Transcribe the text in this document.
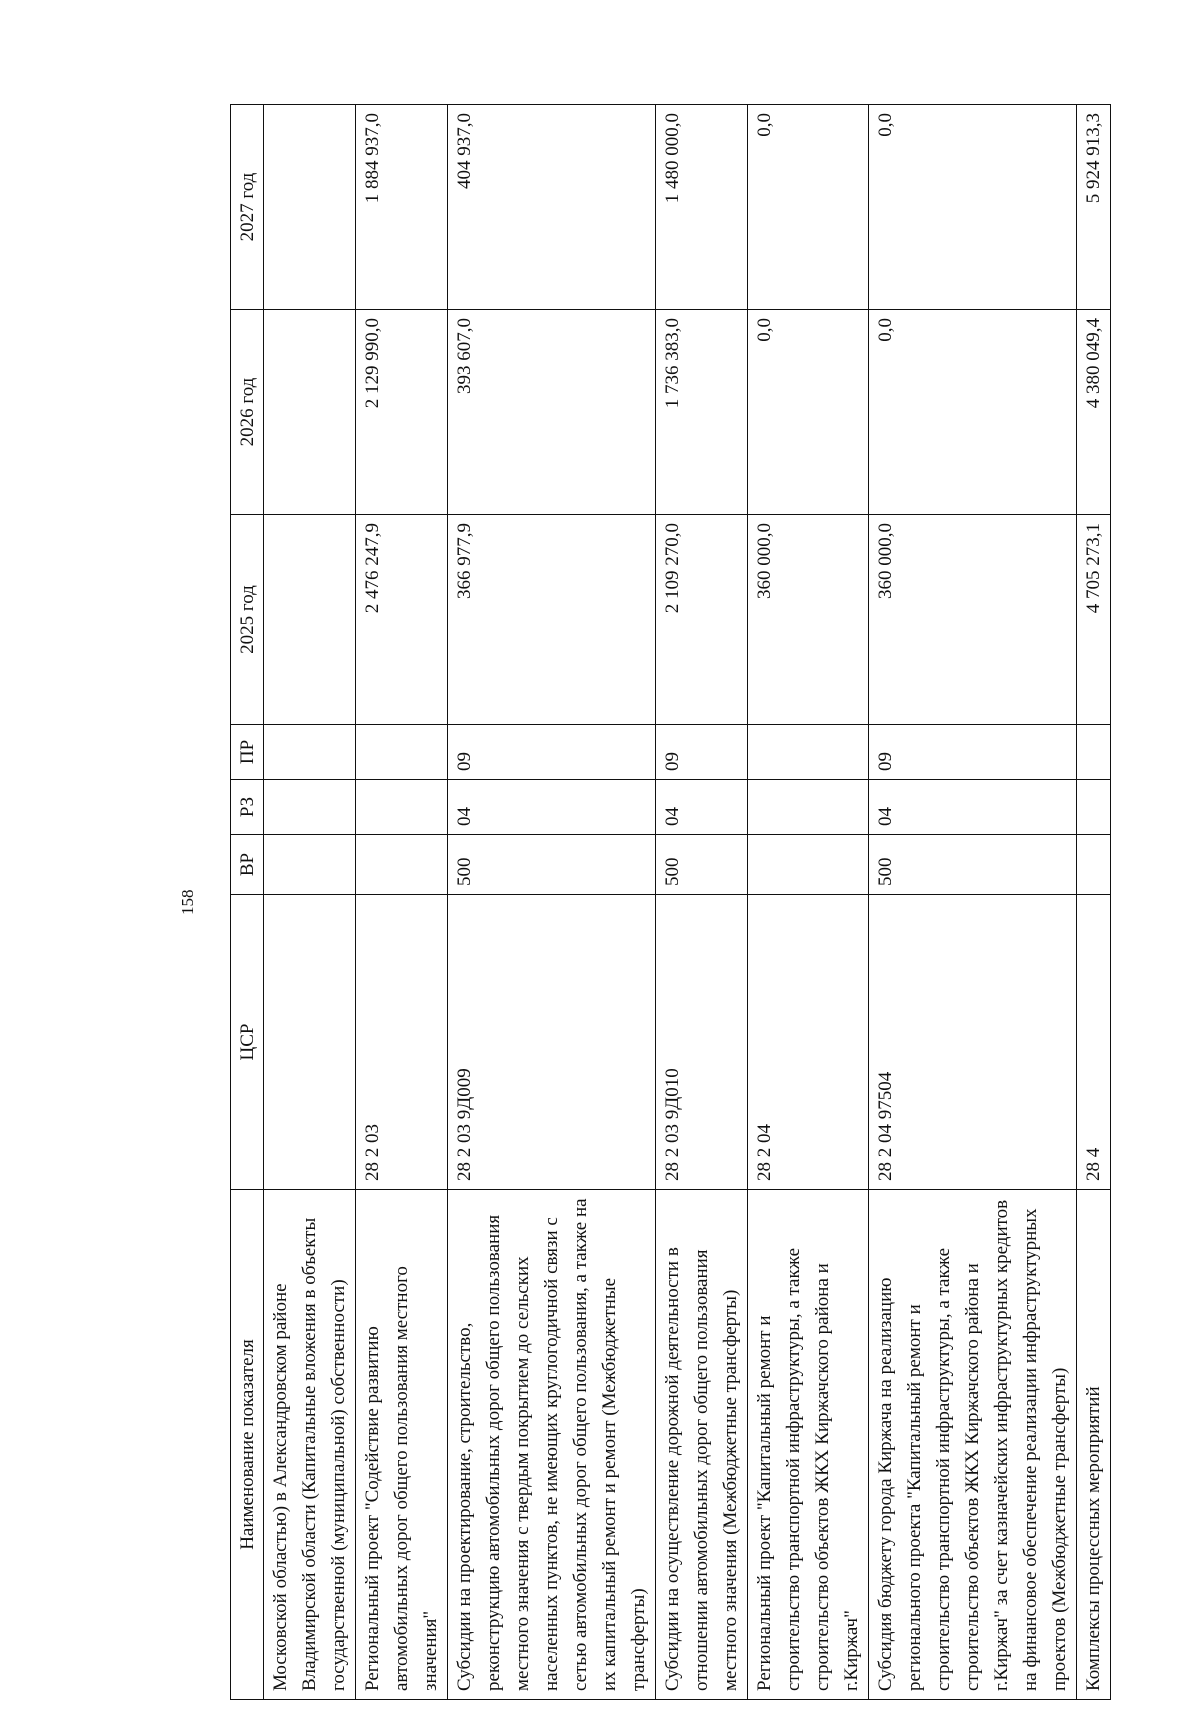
158
Наименование показателя	ЦСР	ВР	РЗ	ПР	2025 год	2026 год	2027 год
Московской областью) в Александровском районе Владимирской области (Капитальные вложения в объекты государственной (муниципальной) собственности)							
Региональный проект "Содействие развитию автомобильных дорог общего пользования местного значения"	28 2 03				2 476 247,9	2 129 990,0	1 884 937,0
Субсидии на проектирование, строительство, реконструкцию автомобильных дорог общего пользования местного значения с твердым покрытием до сельских населенных пунктов, не имеющих круглогодичной связи с сетью автомобильных дорог общего пользования, а также на их капитальный ремонт и ремонт (Межбюджетные трансферты)	28 2 03 9Д009	500	04	09	366 977,9	393 607,0	404 937,0
Субсидии на осуществление дорожной деятельности в отношении автомобильных дорог общего пользования местного значения (Межбюджетные трансферты)	28 2 03 9Д010	500	04	09	2 109 270,0	1 736 383,0	1 480 000,0
Региональный проект "Капитальный ремонт и строительство транспортной инфраструктуры, а также строительство объектов ЖКХ Киржачского района и г.Киржач"	28 2 04				360 000,0	0,0	0,0
Субсидия бюджету города Киржача на реализацию регионального проекта "Капитальный ремонт и строительство транспортной инфраструктуры, а также строительство объектов ЖКХ Киржачского района и г.Киржач" за счет казначейских инфраструктурных кредитов на финансовое обеспечение реализации инфраструктурных проектов (Межбюджетные трансферты)	28 2 04 97504	500	04	09	360 000,0	0,0	0,0
Комплексы процессных мероприятий	28 4				4 705 273,1	4 380 049,4	5 924 913,3
